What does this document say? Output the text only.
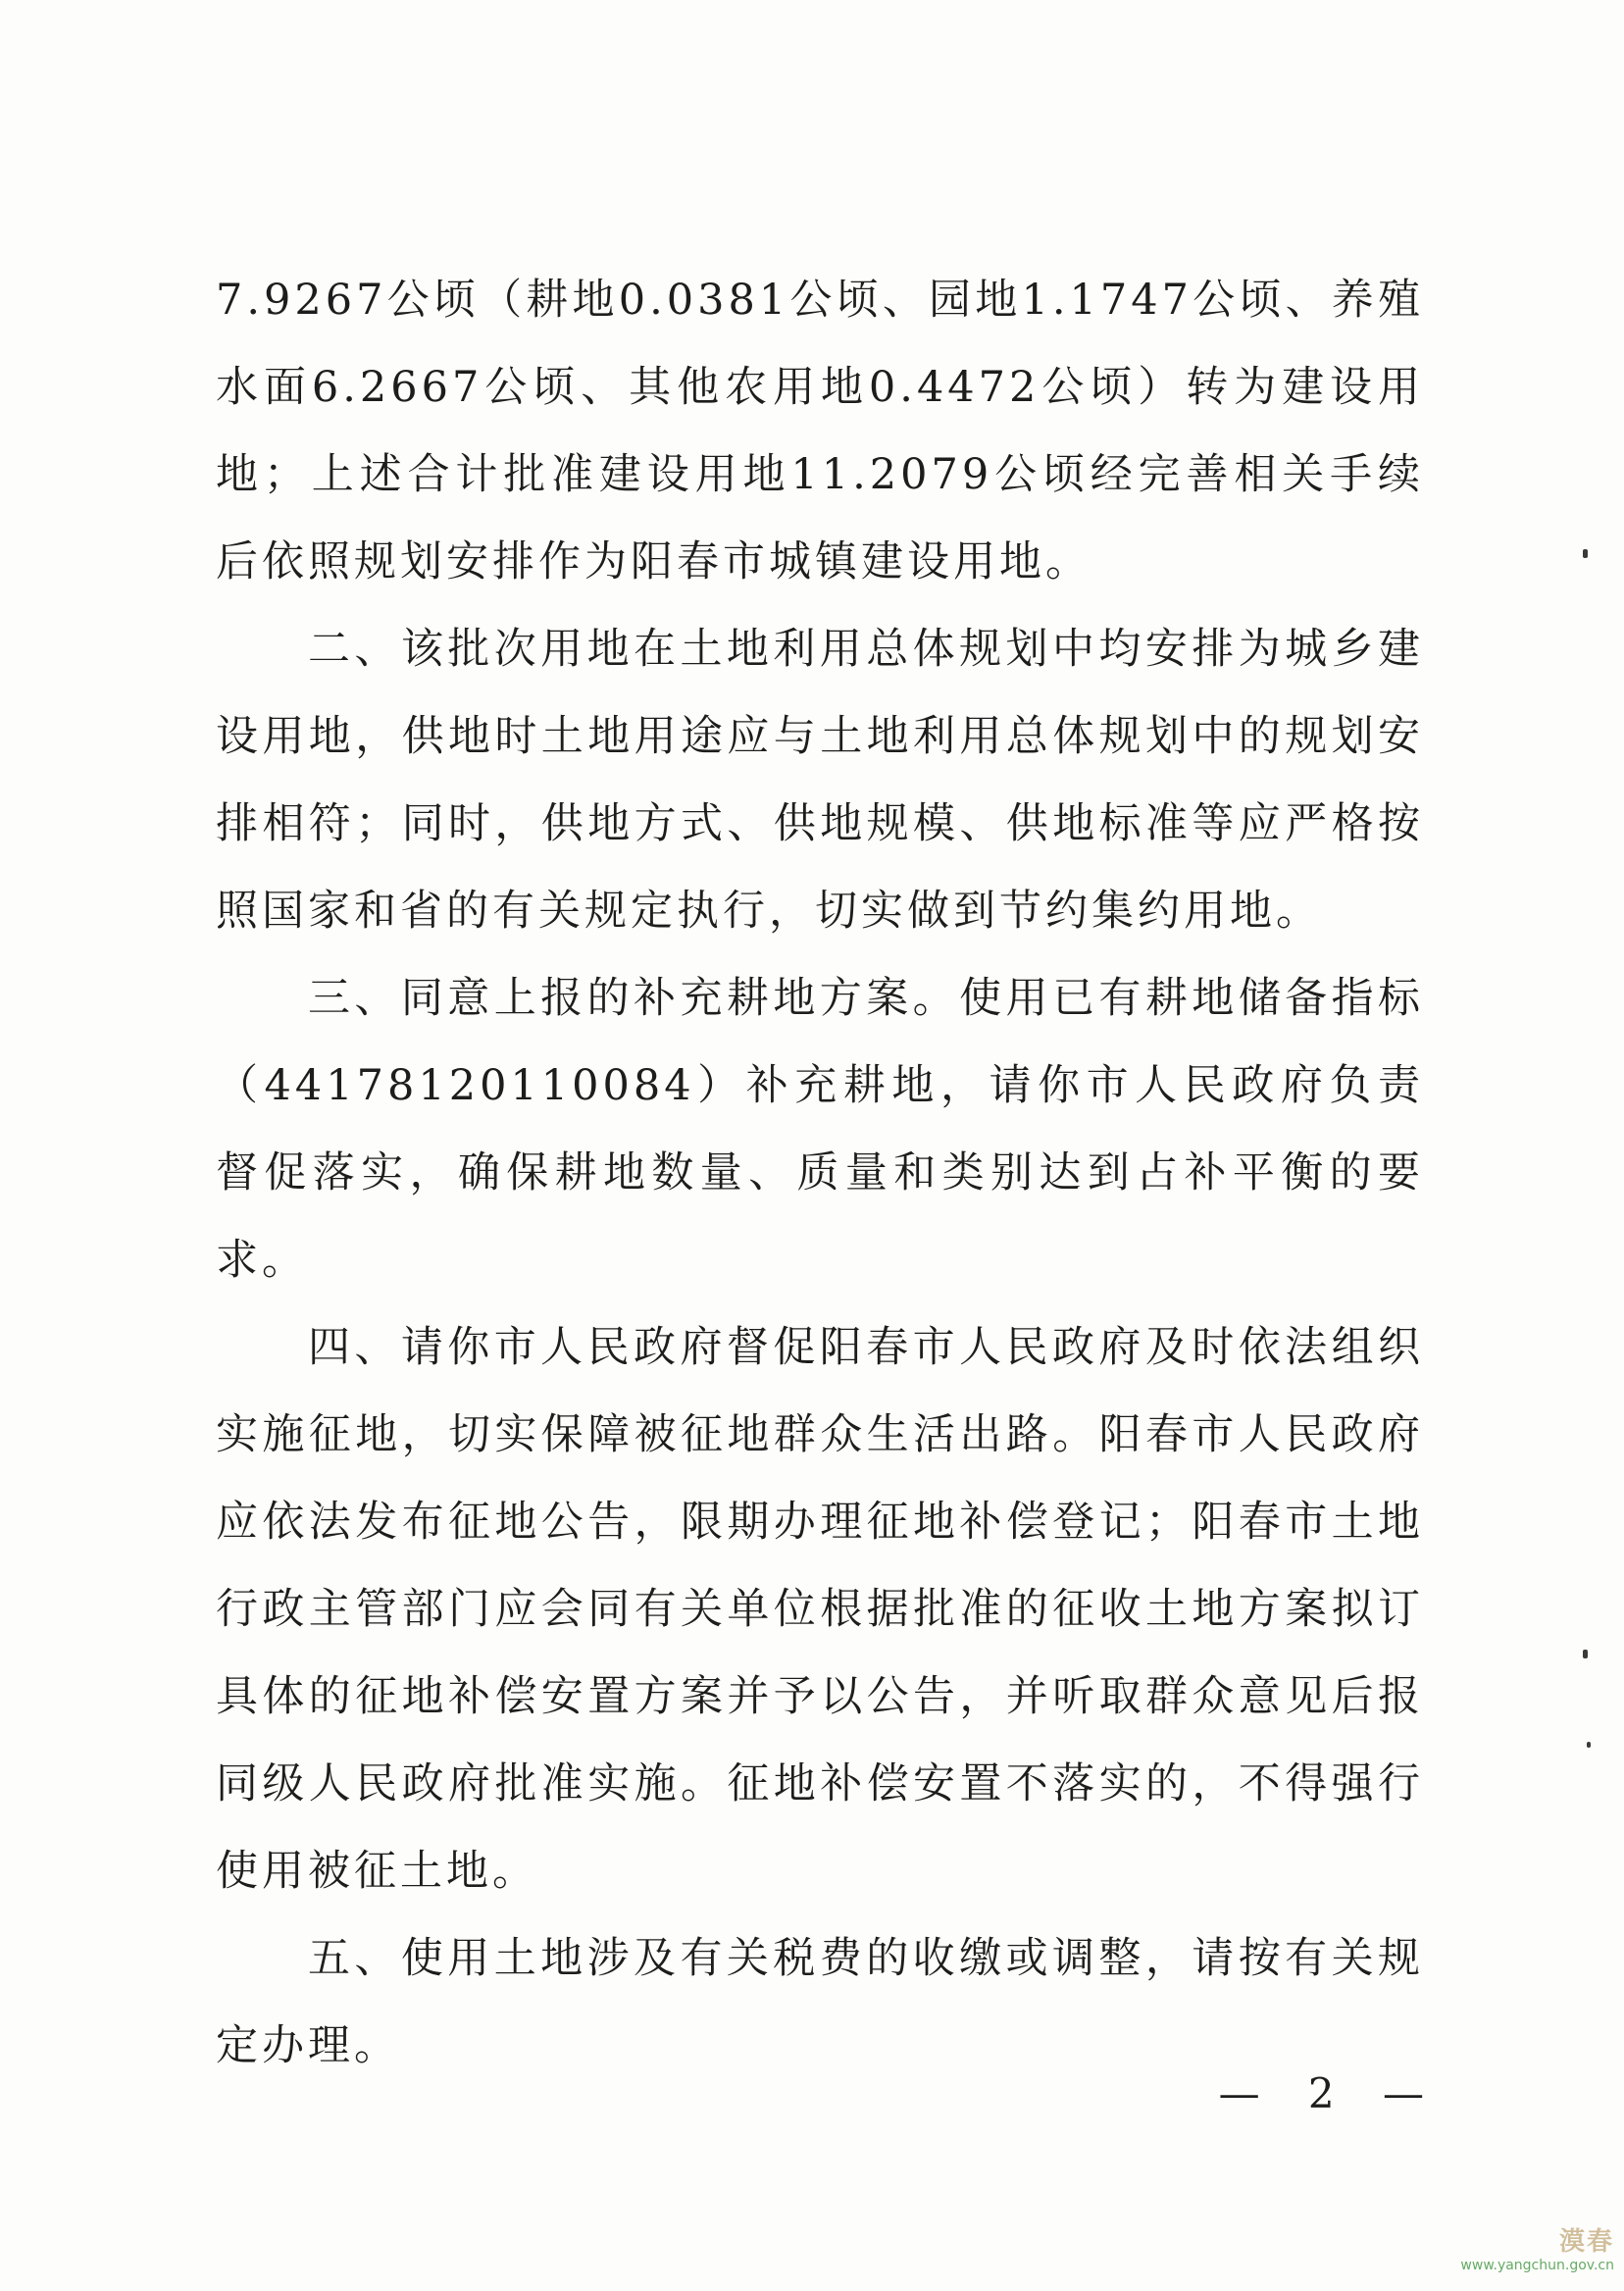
7.9267公顷（耕地0.0381公顷、园地1.1747公顷、养殖水面6.2667公顷、其他农用地0.4472公顷）转为建设用地；上述合计批准建设用地11.2079公顷经完善相关手续后依照规划安排作为阳春市城镇建设用地。

二、该批次用地在土地利用总体规划中均安排为城乡建设用地，供地时土地用途应与土地利用总体规划中的规划安排相符；同时，供地方式、供地规模、供地标准等应严格按照国家和省的有关规定执行，切实做到节约集约用地。

三、同意上报的补充耕地方案。使用已有耕地储备指标（44178120110084）补充耕地，请你市人民政府负责督促落实，确保耕地数量、质量和类别达到占补平衡的要求。

四、请你市人民政府督促阳春市人民政府及时依法组织实施征地，切实保障被征地群众生活出路。阳春市人民政府应依法发布征地公告，限期办理征地补偿登记；阳春市土地行政主管部门应会同有关单位根据批准的征收土地方案拟订具体的征地补偿安置方案并予以公告，并听取群众意见后报同级人民政府批准实施。征地补偿安置不落实的，不得强行使用被征土地。

五、使用土地涉及有关税费的收缴或调整，请按有关规定办理。

— 2 —
漠春
www.yangchun.gov.cn
